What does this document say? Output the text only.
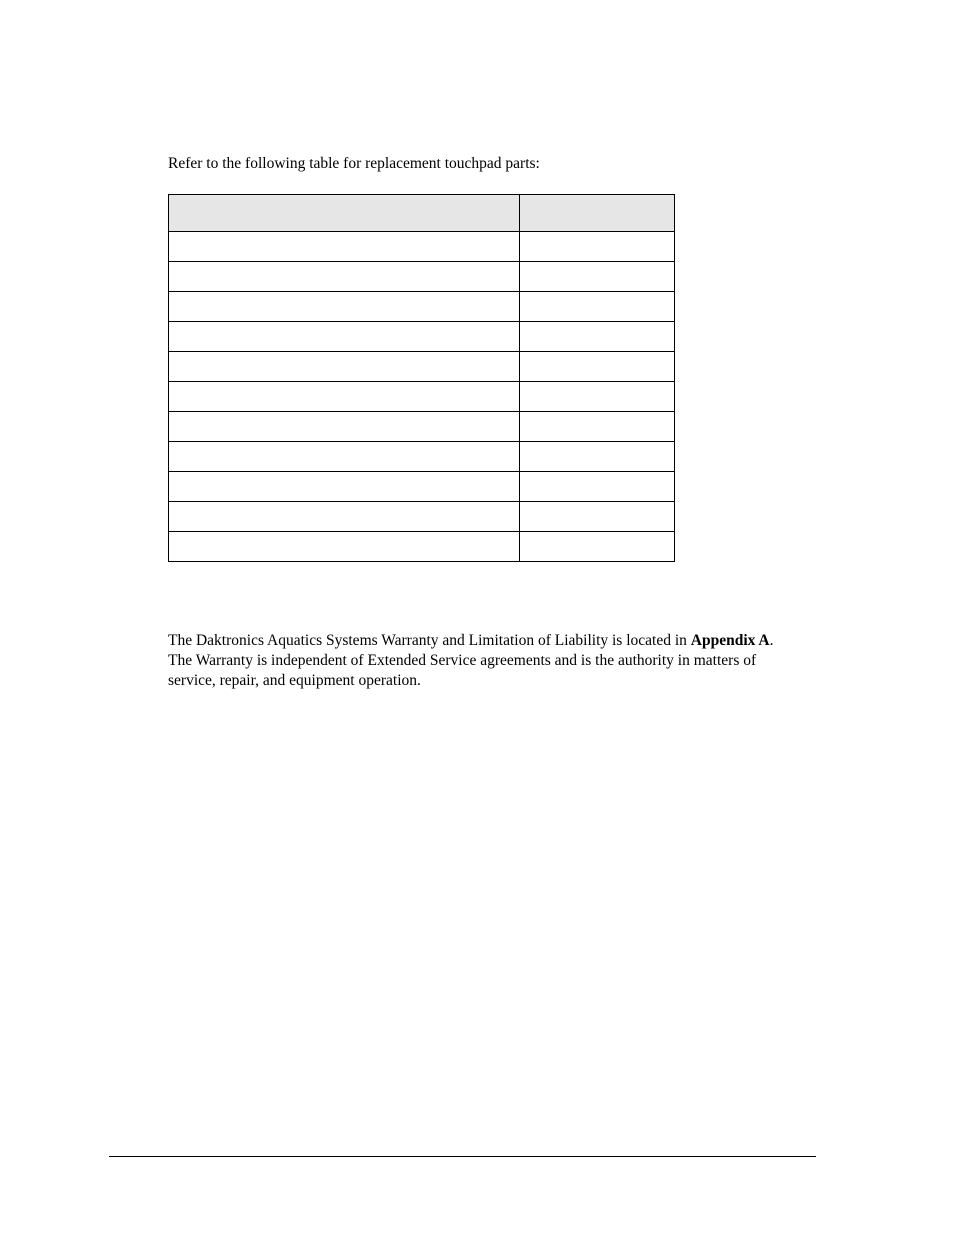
Refer to the following table for replacement touchpad parts:

The Daktronics Aquatics Systems Warranty and Limitation of Liability is located in Appendix A. The Warranty is independent of Extended Service agreements and is the authority in matters of service, repair, and equipment operation.
